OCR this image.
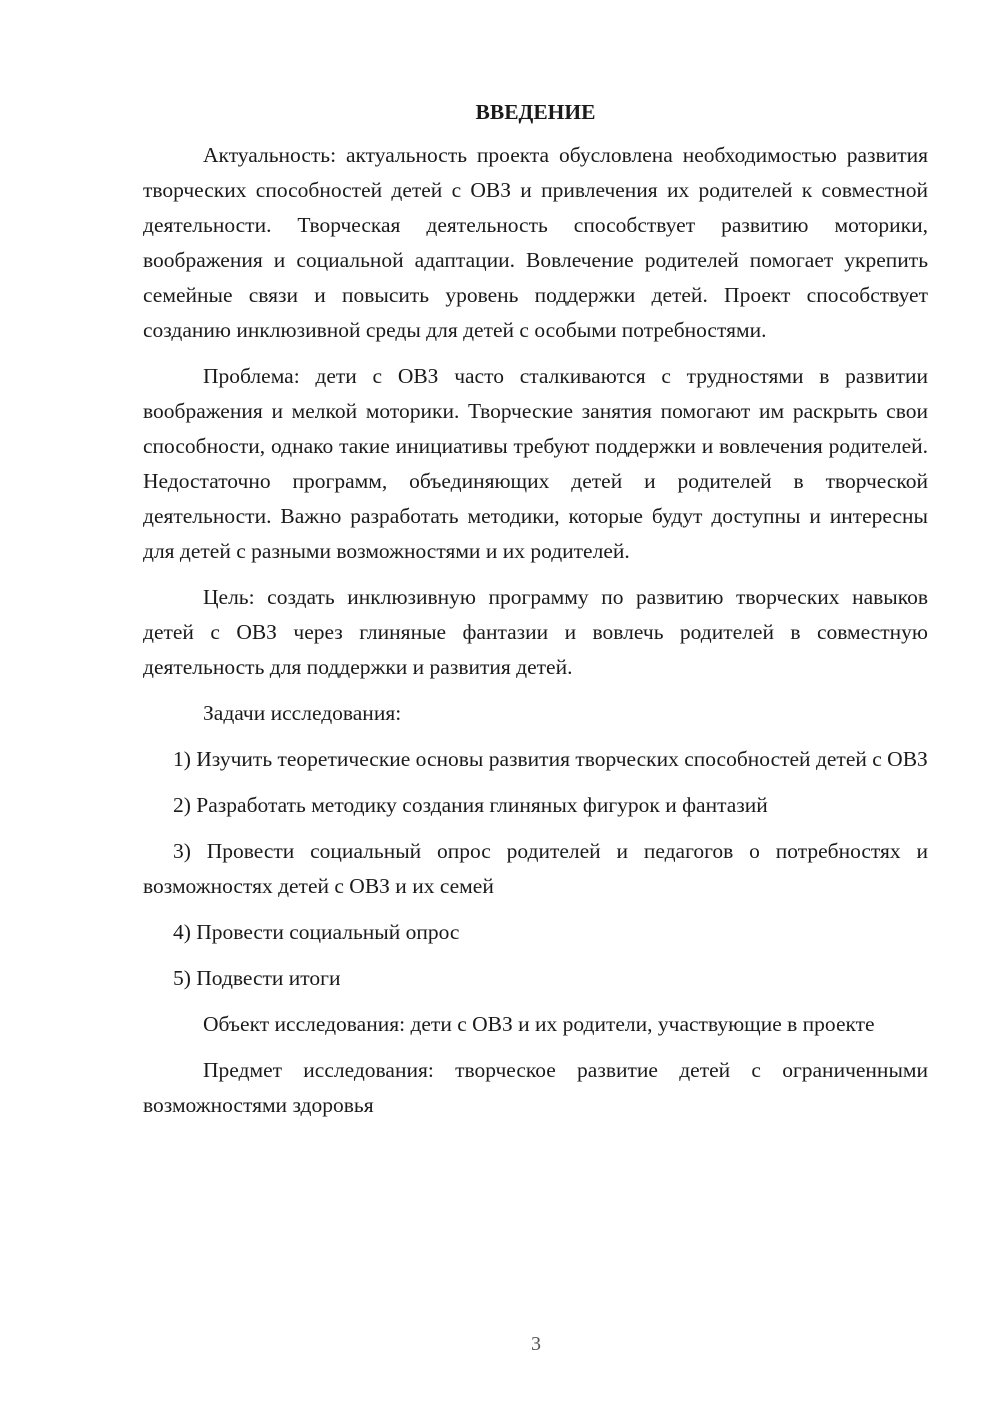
ВВЕДЕНИЕ

Актуальность: актуальность проекта обусловлена необходимостью развития творческих способностей детей с ОВЗ и привлечения их родителей к совместной деятельности. Творческая деятельность способствует развитию моторики, воображения и социальной адаптации. Вовлечение родителей помогает укрепить семейные связи и повысить уровень поддержки детей. Проект способствует созданию инклюзивной среды для детей с особыми потребностями.

Проблема: дети с ОВЗ часто сталкиваются с трудностями в развитии воображения и мелкой моторики. Творческие занятия помогают им раскрыть свои способности, однако такие инициативы требуют поддержки и вовлечения родителей. Недостаточно программ, объединяющих детей и родителей в творческой деятельности. Важно разработать методики, которые будут доступны и интересны для детей с разными возможностями и их родителей.

Цель: создать инклюзивную программу по развитию творческих навыков детей с ОВЗ через глиняные фантазии и вовлечь родителей в совместную деятельность для поддержки и развития детей.

Задачи исследования:

1) Изучить теоретические основы развития творческих способностей детей с ОВЗ

2) Разработать методику создания глиняных фигурок и фантазий

3) Провести социальный опрос родителей и педагогов о потребностях и возможностях детей с ОВЗ и их семей

4) Провести социальный опрос

5) Подвести итоги

Объект исследования: дети с ОВЗ и их родители, участвующие в проекте

Предмет исследования: творческое развитие детей с ограниченными возможностями здоровья

3
